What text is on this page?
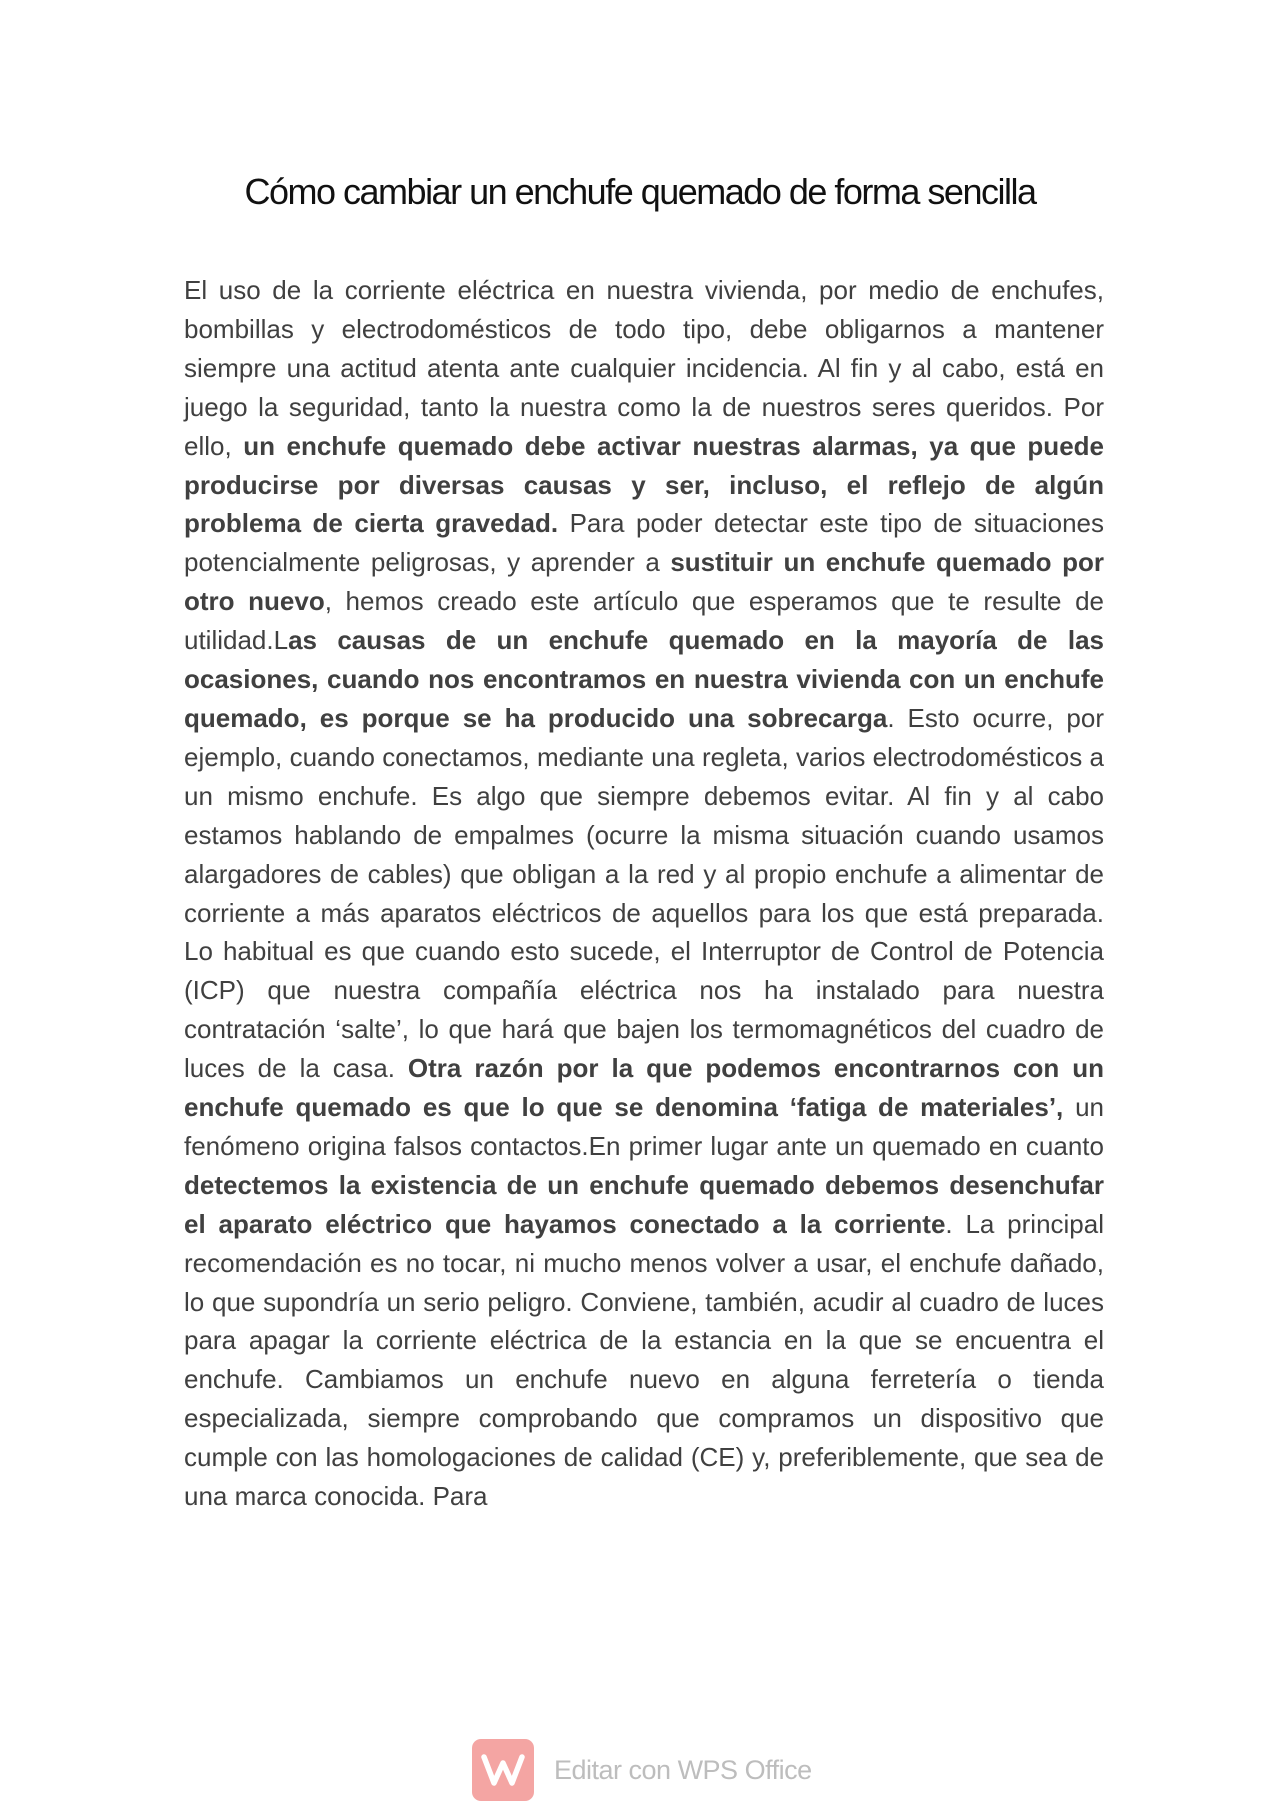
Cómo cambiar un enchufe quemado de forma sencilla

El uso de la corriente eléctrica en nuestra vivienda, por medio de enchufes, bombillas y electrodomésticos de todo tipo, debe obligarnos a mantener siempre una actitud atenta ante cualquier incidencia. Al fin y al cabo, está en juego la seguridad, tanto la nuestra como la de nuestros seres queridos. Por ello, un enchufe quemado debe activar nuestras alarmas, ya que puede producirse por diversas causas y ser, incluso, el reflejo de algún problema de cierta gravedad. Para poder detectar este tipo de situaciones potencialmente peligrosas, y aprender a sustituir un enchufe quemado por otro nuevo, hemos creado este artículo que esperamos que te resulte de utilidad.Las causas de un enchufe quemado en la mayoría de las ocasiones, cuando nos encontramos en nuestra vivienda con un enchufe quemado, es porque se ha producido una sobrecarga. Esto ocurre, por ejemplo, cuando conectamos, mediante una regleta, varios electrodomésticos a un mismo enchufe. Es algo que siempre debemos evitar. Al fin y al cabo estamos hablando de empalmes (ocurre la misma situación cuando usamos alargadores de cables) que obligan a la red y al propio enchufe a alimentar de corriente a más aparatos eléctricos de aquellos para los que está preparada. Lo habitual es que cuando esto sucede, el Interruptor de Control de Potencia (ICP) que nuestra compañía eléctrica nos ha instalado para nuestra contratación ‘salte’, lo que hará que bajen los termomagnéticos del cuadro de luces de la casa. Otra razón por la que podemos encontrarnos con un enchufe quemado es que lo que se denomina ‘fatiga de materiales’, un fenómeno origina falsos contactos.En primer lugar ante un quemado en cuanto detectemos la existencia de un enchufe quemado debemos desenchufar el aparato eléctrico que hayamos conectado a la corriente. La principal recomendación es no tocar, ni mucho menos volver a usar, el enchufe dañado, lo que supondría un serio peligro. Conviene, también, acudir al cuadro de luces para apagar la corriente eléctrica de la estancia en la que se encuentra el enchufe. Cambiamos un enchufe nuevo en alguna ferretería o tienda especializada, siempre comprobando que compramos un dispositivo que cumple con las homologaciones de calidad (CE) y, preferiblemente, que sea de una marca conocida. Para

Editar con WPS Office
